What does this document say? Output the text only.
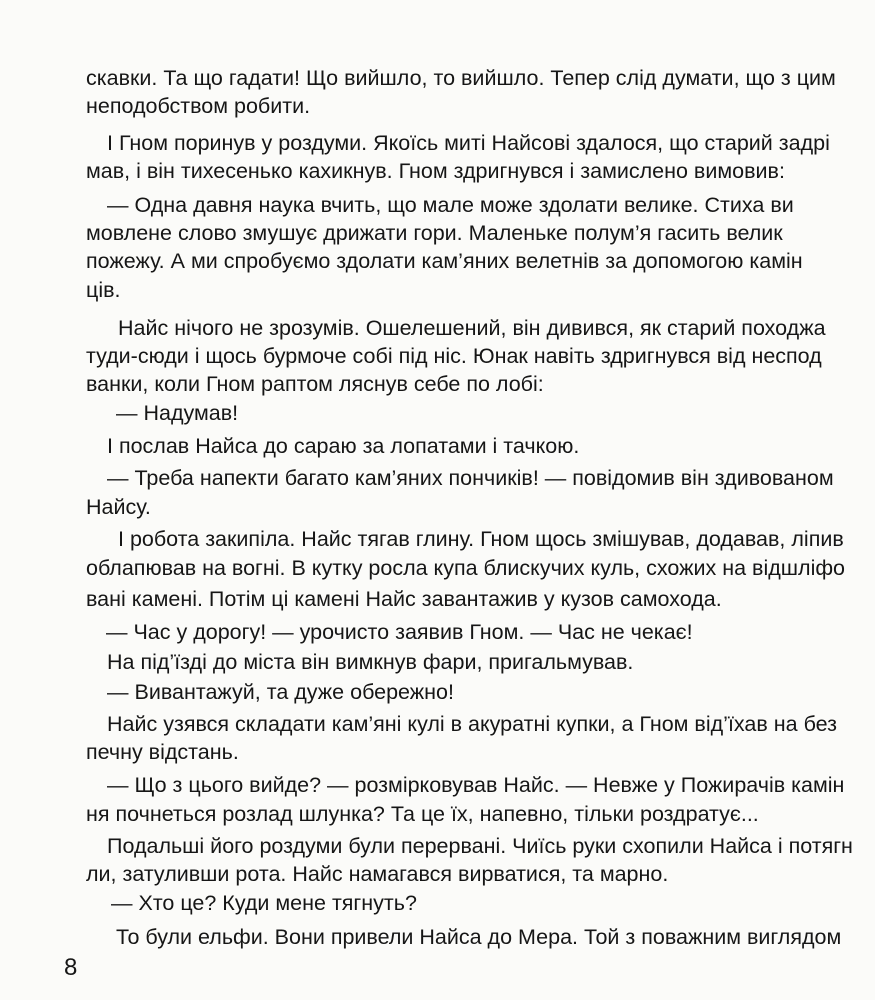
скавки. Та що гадати! Що вийшло, то вийшло. Тепер слід думати, що з цим
неподобством робити.
І Гном поринув у роздуми. Якоїсь миті Найсові здалося, що старий задрі
мав, і він тихесенько кахикнув. Гном здригнувся і замислено вимовив:
— Одна давня наука вчить, що мале може здолати велике. Стиха ви
мовлене слово змушує дрижати гори. Маленьке полум’я гасить велик
пожежу. А ми спробуємо здолати кам’яних велетнів за допомогою камін
ців.
Найс нічого не зрозумів. Ошелешений, він дивився, як старий походжа
туди-сюди і щось бурмоче собі під ніс. Юнак навіть здригнувся від неспод
ванки, коли Гном раптом ляснув себе по лобі:
— Надумав!
І послав Найса до сараю за лопатами і тачкою.
— Треба напекти багато кам’яних пончиків! — повідомив він здивованом
Найсу.
І робота закипіла. Найс тягав глину. Гном щось змішував, додавав, ліпив
облапював на вогні. В кутку росла купа блискучих куль, схожих на відшліфо
вані камені. Потім ці камені Найс завантажив у кузов самохода.
— Час у дорогу! — урочисто заявив Гном. — Час не чекає!
На під’їзді до міста він вимкнув фари, пригальмував.
— Вивантажуй, та дуже обережно!
Найс узявся складати кам’яні кулі в акуратні купки, а Гном від’їхав на без
печну відстань.
— Що з цього вийде? — розмірковував Найс. — Невже у Пожирачів камін
ня почнеться розлад шлунка? Та це їх, напевно, тільки роздратує...
Подальші його роздуми були перервані. Чиїсь руки схопили Найса і потягн
ли, затуливши рота. Найс намагався вирватися, та марно.
— Хто це? Куди мене тягнуть?
То були ельфи. Вони привели Найса до Мера. Той з поважним виглядом
8
